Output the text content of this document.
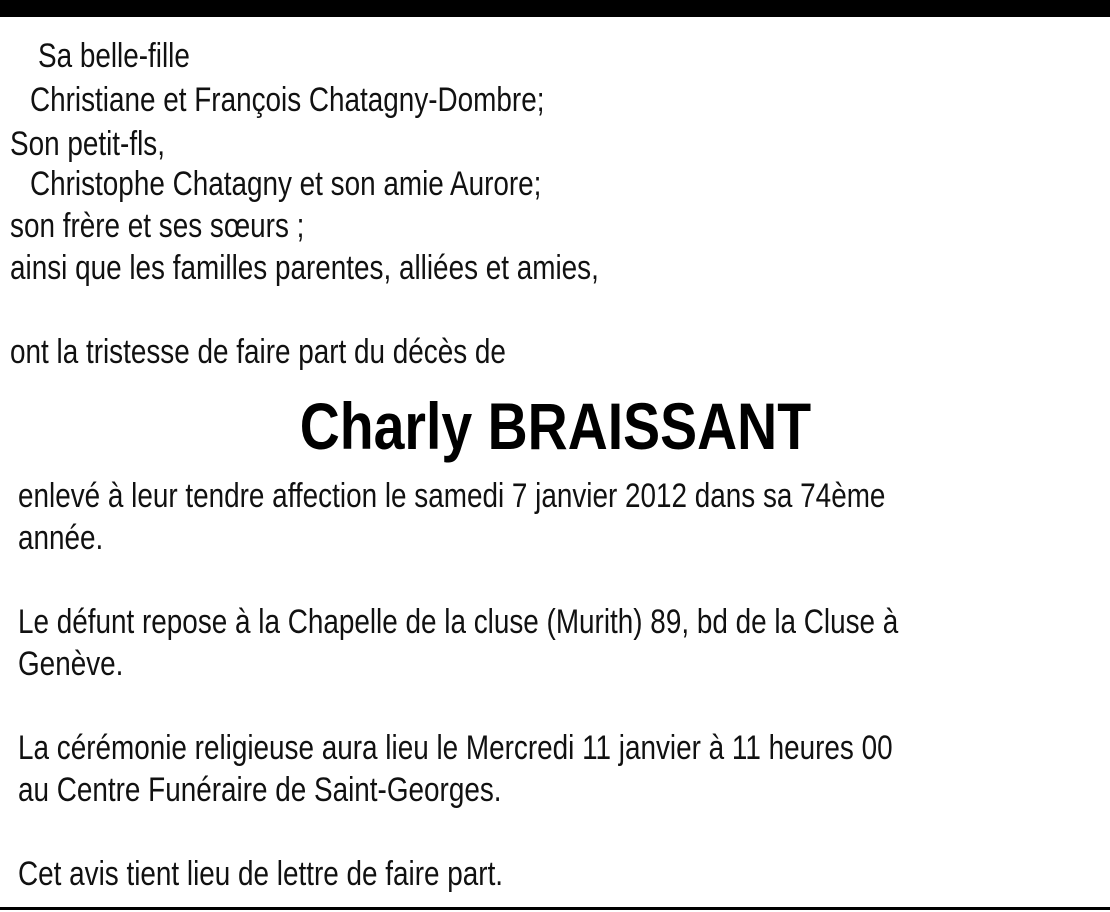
Sa belle-fille
Christiane et François Chatagny-Dombre;
Son petit-fls,
Christophe Chatagny et son amie Aurore;
son frère et ses sœurs ;
ainsi que les familles parentes, alliées et amies,
ont la tristesse de faire part du décès de
Charly BRAISSANT
enlevé à leur tendre affection le samedi 7 janvier 2012 dans sa 74ème
année.
Le défunt repose à la Chapelle de la cluse (Murith) 89, bd de la Cluse à
Genève.
La cérémonie religieuse aura lieu le Mercredi 11 janvier à 11 heures 00
au Centre Funéraire de Saint-Georges.
Cet avis tient lieu de lettre de faire part.
